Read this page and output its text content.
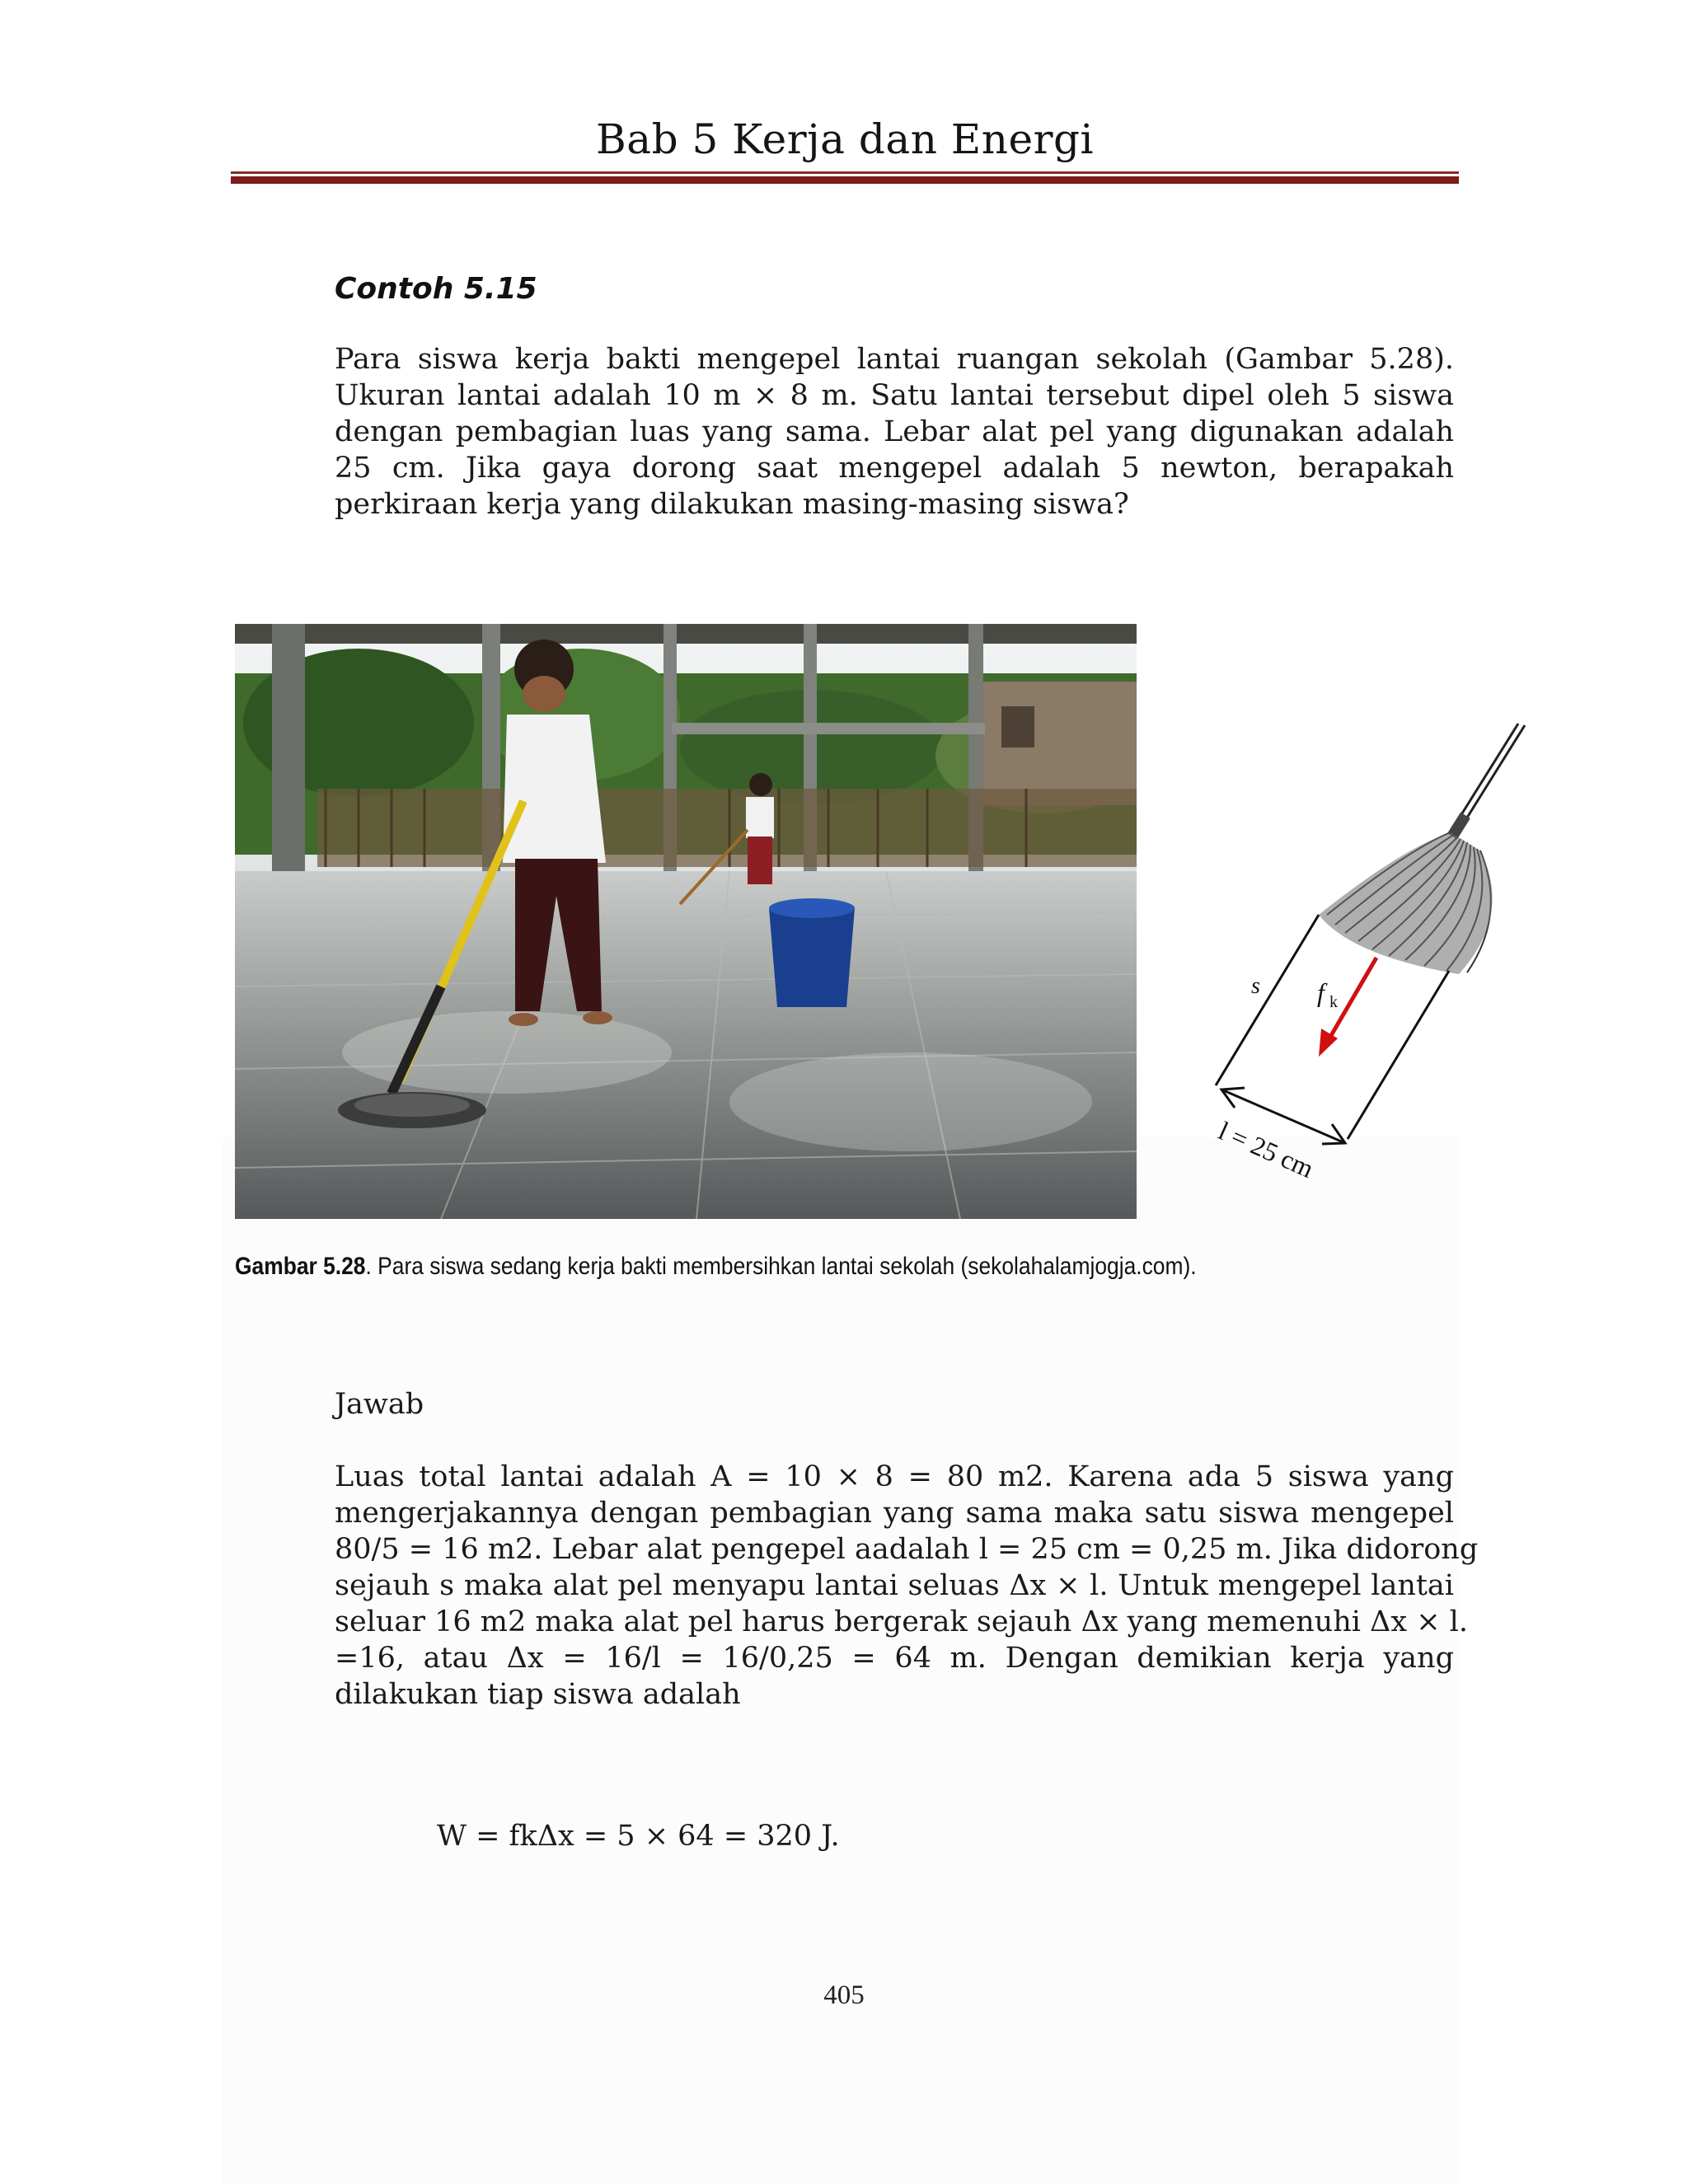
Bab 5 Kerja dan Energi
Contoh 5.15
Para siswa kerja bakti mengepel lantai ruangan sekolah (Gambar 5.28).
Ukuran lantai adalah 10 m × 8 m. Satu lantai tersebut dipel oleh 5 siswa
dengan pembagian luas yang sama. Lebar alat pel yang digunakan adalah
25 cm. Jika gaya dorong saat mengepel adalah 5 newton, berapakah
perkiraan kerja yang dilakukan masing-masing siswa?
s f k
l = 25 cm
Gambar 5.28. Para siswa sedang kerja bakti membersihkan lantai sekolah (sekolahalamjogja.com).
Jawab
Luas total lantai adalah A = 10 × 8 = 80 m2. Karena ada 5 siswa yang
mengerjakannya dengan pembagian yang sama maka satu siswa mengepel
80/5 = 16 m2. Lebar alat pengepel aadalah l = 25 cm = 0,25 m. Jika didorong
sejauh s maka alat pel menyapu lantai seluas Δx × l. Untuk mengepel lantai
seluar 16 m2 maka alat pel harus bergerak sejauh Δx yang memenuhi Δx × l.
=16, atau Δx = 16/l = 16/0,25 = 64 m. Dengan demikian kerja yang
dilakukan tiap siswa adalah
W = fkΔx = 5 × 64 = 320 J.
405
